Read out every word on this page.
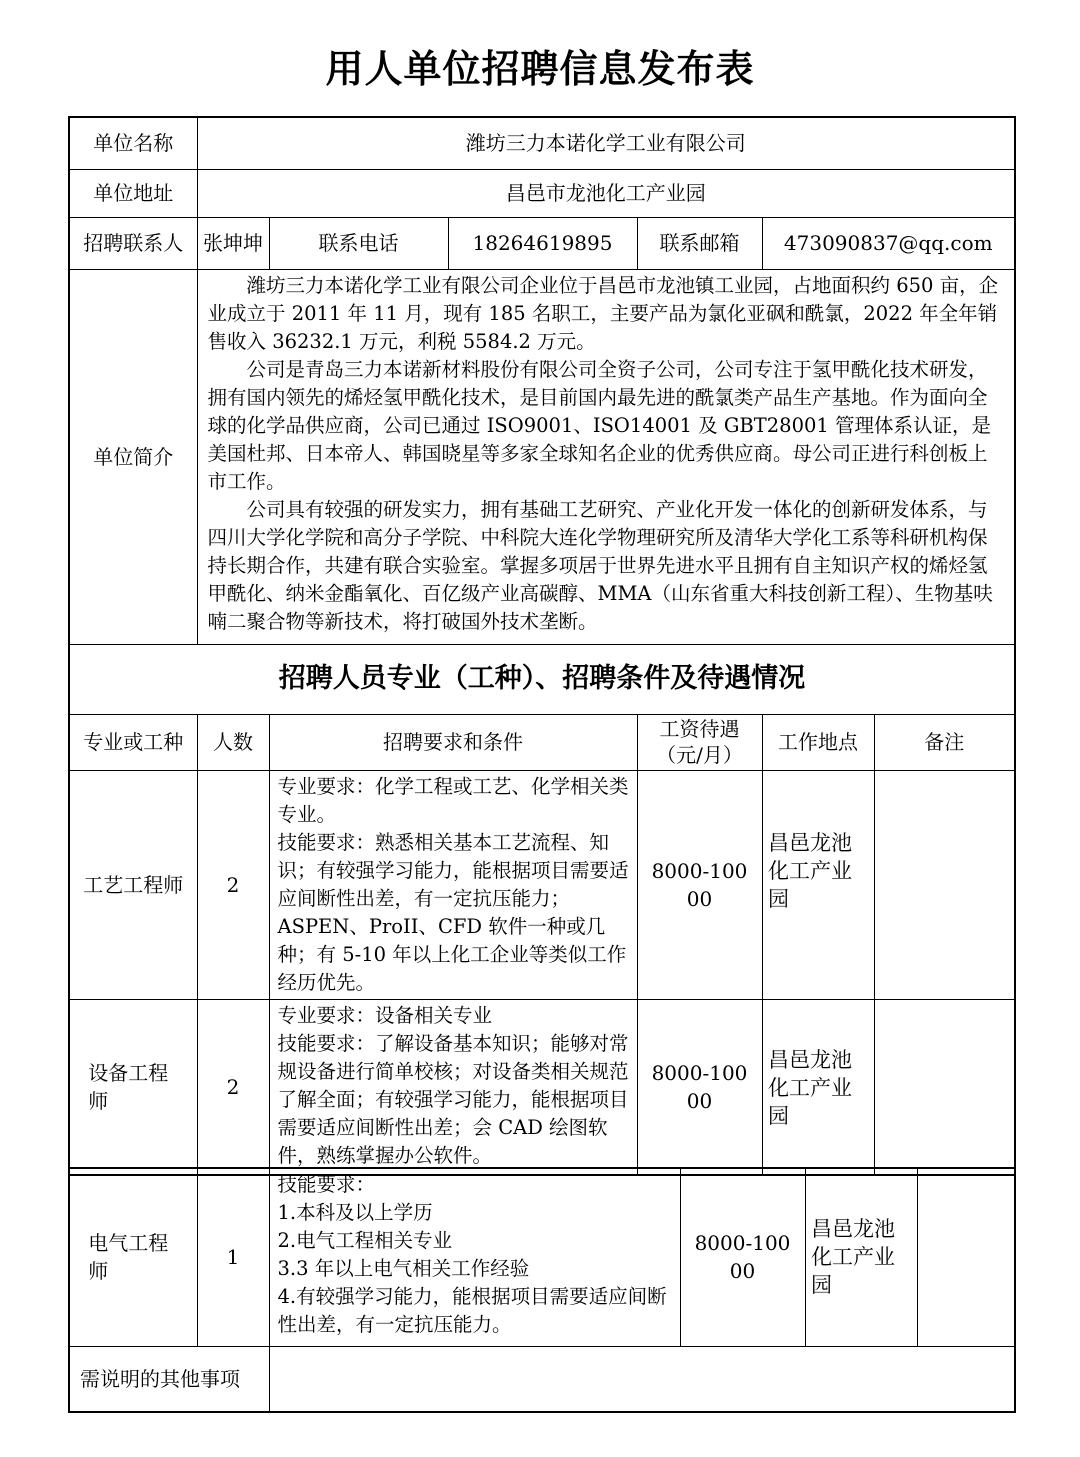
用人单位招聘信息发布表
单位名称	潍坊三力本诺化学工业有限公司					
单位地址	昌邑市龙池化工产业园					
招聘联系人	张坤坤	联系电话	18264619895	联系邮箱	473090837@qq.com	
单位简介	潍坊三力本诺化学工业有限公司企业位于昌邑市龙池镇工业园，占地面积约 650 亩，企业成立于 2011 年 11 月，现有 185 名职工，主要产品为氯化亚砜和酰氯，2022 年全年销售收入 36232.1 万元，利税 5584.2 万元。

公司是青岛三力本诺新材料股份有限公司全资子公司，公司专注于氢甲酰化技术研发，拥有国内领先的烯烃氢甲酰化技术，是目前国内最先进的酰氯类产品生产基地。作为面向全球的化学品供应商，公司已通过 ISO9001、ISO14001 及 GBT28001 管理体系认证，是美国杜邦、日本帝人、韩国晓星等多家全球知名企业的优秀供应商。母公司正进行科创板上市工作。

公司具有较强的研发实力，拥有基础工艺研究、产业化开发一体化的创新研发体系，与四川大学化学院和高分子学院、中科院大连化学物理研究所及清华大学化工系等科研机构保持长期合作，共建有联合实验室。掌握多项居于世界先进水平且拥有自主知识产权的烯烃氢甲酰化、纳米金酯氧化、百亿级产业高碳醇、MMA（山东省重大科技创新工程）、生物基呋喃二聚合物等新技术，将打破国外技术垄断。					

招聘人员专业（工种）、招聘条件及待遇情况						
专业或工种	人数	招聘要求和条件		工资待遇（元/月）	工作地点	备注
工艺工程师	2	专业要求：化学工程或工艺、化学相关类专业。
技能要求：熟悉相关基本工艺流程、知识；有较强学习能力，能根据项目需要适应间断性出差，有一定抗压能力；ASPEN、ProII、CFD 软件一种或几种；有 5-10 年以上化工企业等类似工作经历优先。		8000-10000	昌邑龙池化工产业园	
设备工程师	2	专业要求：设备相关专业
技能要求：了解设备基本知识；能够对常规设备进行简单校核；对设备类相关规范了解全面；有较强学习能力，能根据项目需要适应间断性出差；会 CAD 绘图软件，熟练掌握办公软件。		8000-10000	昌邑龙池化工产业园	
电气工程师	1	技能要求：
1.本科及以上学历
2.电气工程相关专业
3.3 年以上电气相关工作经验
4.有较强学习能力，能根据项目需要适应间断性出差，有一定抗压能力。	8000-10000	昌邑龙池化工产业园	
需说明的其他事项					
